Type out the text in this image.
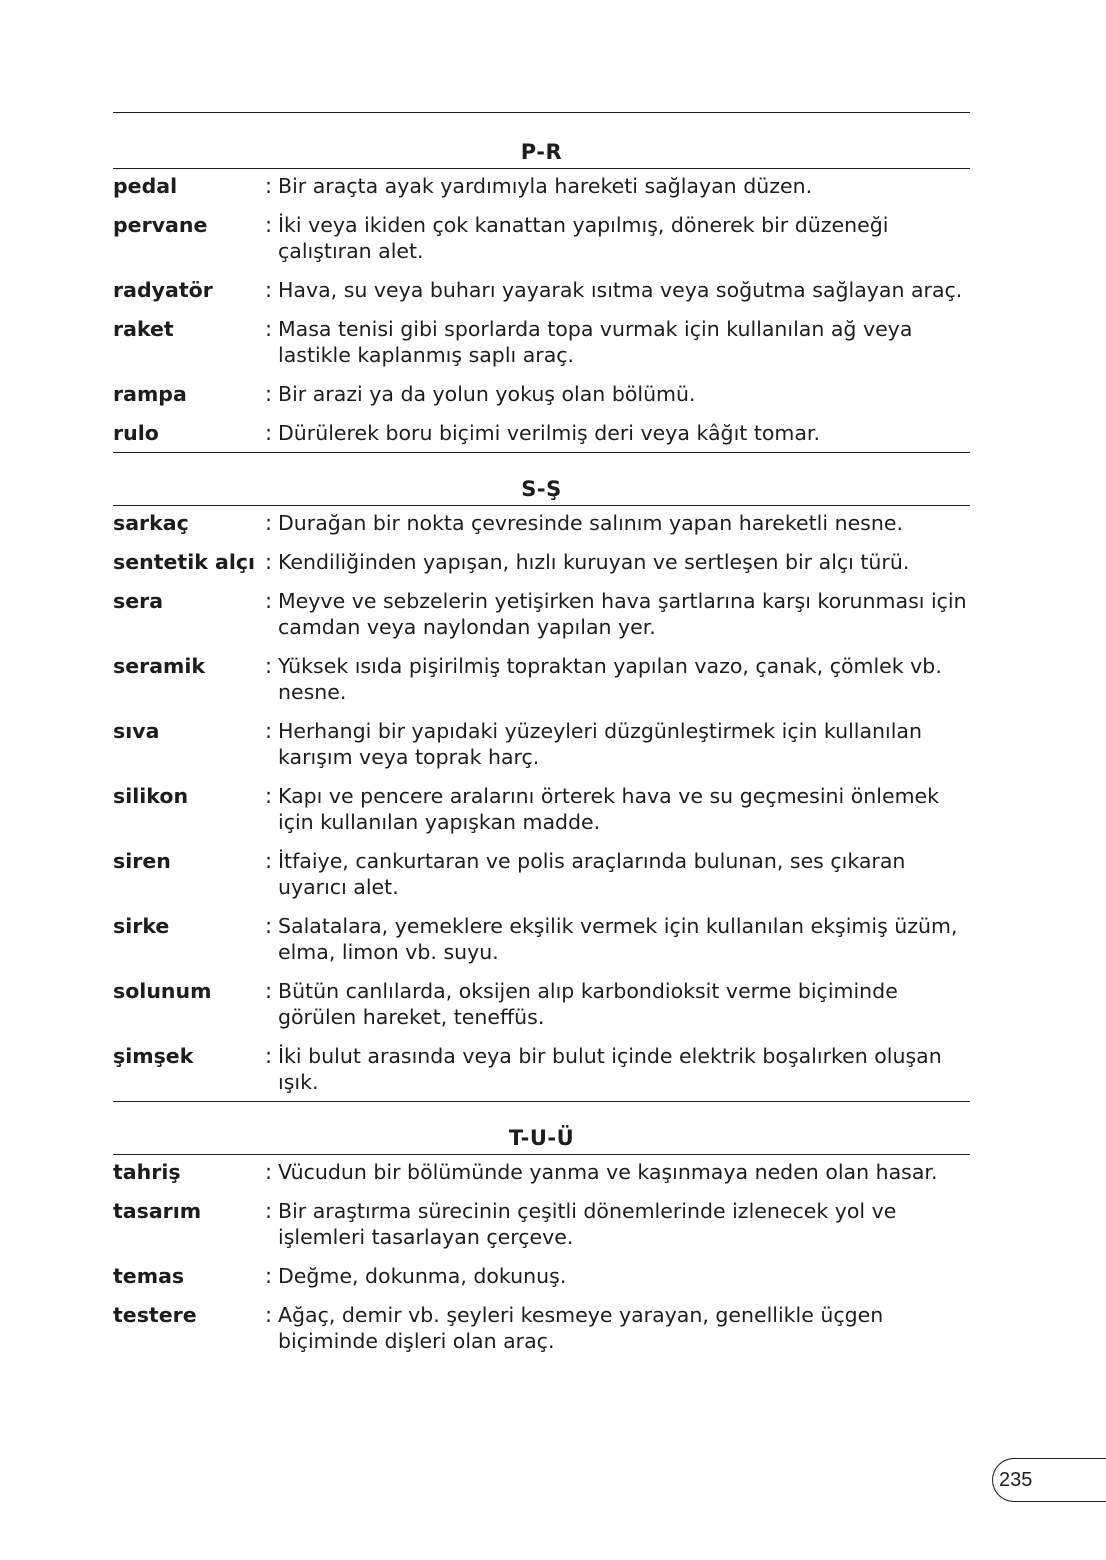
P-R
pedal	: Bir araçta ayak yardımıyla hareketi sağlayan düzen.
pervane	: İki veya ikiden çok kanattan yapılmış, dönerek bir düzeneği çalıştıran alet.
radyatör	: Hava, su veya buharı yayarak ısıtma veya soğutma sağlayan araç.
raket	: Masa tenisi gibi sporlarda topa vurmak için kullanılan ağ veya lastikle kaplanmış saplı araç.
rampa	: Bir arazi ya da yolun yokuş olan bölümü.
rulo	: Dürülerek boru biçimi verilmiş deri veya kâğıt tomar.
S-Ş
sarkaç	: Durağan bir nokta çevresinde salınım yapan hareketli nesne.
sentetik alçı : Kendiliğinden yapışan, hızlı kuruyan ve sertleşen bir alçı türü.
sera	: Meyve ve sebzelerin yetişirken hava şartlarına karşı korunması için camdan veya naylondan yapılan yer.
seramik	: Yüksek ısıda pişirilmiş topraktan yapılan vazo, çanak, çömlek vb. nesne.
sıva	: Herhangi bir yapıdaki yüzeyleri düzgünleştirmek için kullanılan karışım veya toprak harç.
silikon	: Kapı ve pencere aralarını örterek hava ve su geçmesini önlemek için kullanılan yapışkan madde.
siren	: İtfaiye, cankurtaran ve polis araçlarında bulunan, ses çıkaran uyarıcı alet.
sirke	: Salatalara, yemeklere ekşilik vermek için kullanılan ekşimiş üzüm, elma, limon vb. suyu.
solunum	: Bütün canlılarda, oksijen alıp karbondioksit verme biçiminde görülen hareket, teneffüs.
şimşek	: İki bulut arasında veya bir bulut içinde elektrik boşalırken oluşan ışık.
T-U-Ü
tahriş	: Vücudun bir bölümünde yanma ve kaşınmaya neden olan hasar.
tasarım	: Bir araştırma sürecinin çeşitli dönemlerinde izlenecek yol ve işlemleri tasarlayan çerçeve.
temas	: Değme, dokunma, dokunuş.
testere	: Ağaç, demir vb. şeyleri kesmeye yarayan, genellikle üçgen biçiminde dişleri olan araç.
235
